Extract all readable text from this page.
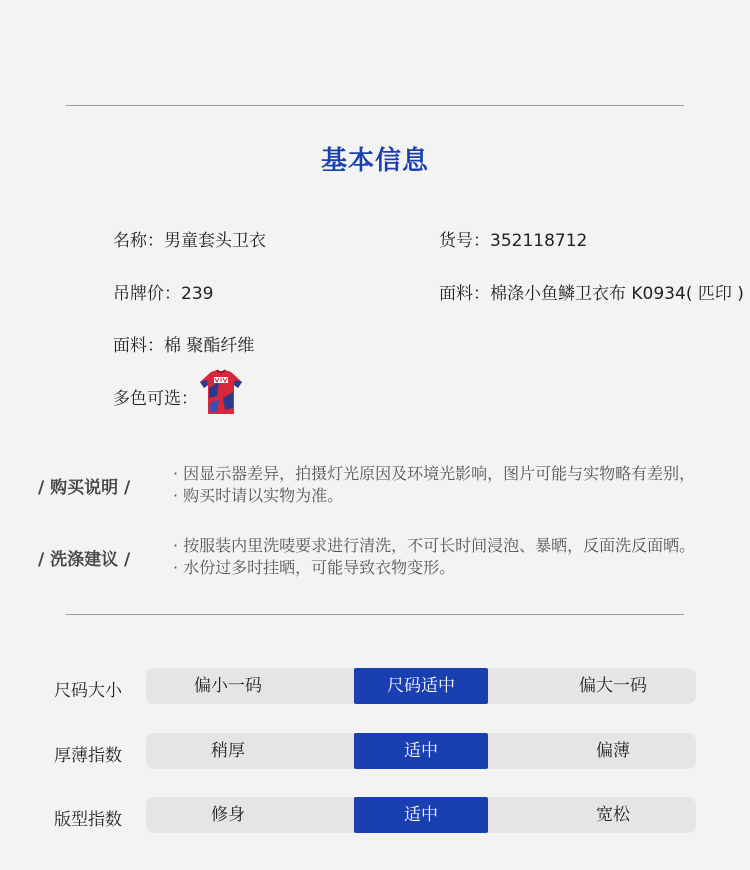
基本信息
名称：男童套头卫衣	货号：352118712
吊牌价：239	面料：棉涤小鱼鳞卫衣布 K0934( 匹印 )
面料：棉 聚酯纤维
多色可选：
/ 购买说明 /
· 因显示器差异，拍摄灯光原因及环境光影响，图片可能与实物略有差别，
· 购买时请以实物为准。
/ 洗涤建议 /
· 按服装内里洗唛要求进行清洗，不可长时间浸泡、暴晒，反面洗反面晒。
· 水份过多时挂晒，可能导致衣物变形。
尺码大小	偏小一码	尺码适中	偏大一码
厚薄指数	稍厚	适中	偏薄
版型指数	修身	适中	宽松
